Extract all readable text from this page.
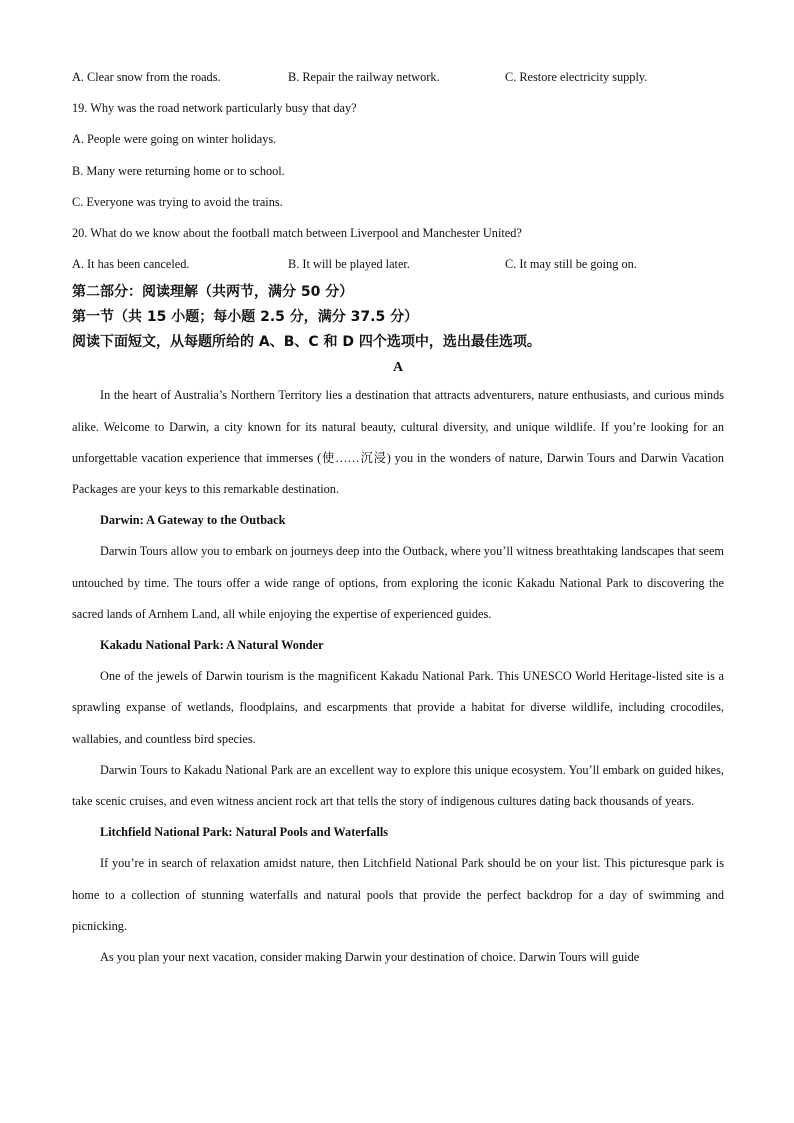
A. Clear snow from the roads.	B. Repair the railway network.	C. Restore electricity supply.
19. Why was the road network particularly busy that day?
A. People were going on winter holidays.
B. Many were returning home or to school.
C. Everyone was trying to avoid the trains.
20. What do we know about the football match between Liverpool and Manchester United?
A. It has been canceled.	B. It will be played later.	C. It may still be going on.
第二部分：阅读理解（共两节，满分 50 分）
第一节（共 15 小题；每小题 2.5 分，满分 37.5 分）
阅读下面短文，从每题所给的 A、B、C 和 D 四个选项中，选出最佳选项。
A
In the heart of Australia’s Northern Territory lies a destination that attracts adventurers, nature enthusiasts, and curious minds alike. Welcome to Darwin, a city known for its natural beauty, cultural diversity, and unique wildlife. If you’re looking for an unforgettable vacation experience that immerses (使……沉浸) you in the wonders of nature, Darwin Tours and Darwin Vacation Packages are your keys to this remarkable destination.
Darwin: A Gateway to the Outback
Darwin Tours allow you to embark on journeys deep into the Outback, where you’ll witness breathtaking landscapes that seem untouched by time. The tours offer a wide range of options, from exploring the iconic Kakadu National Park to discovering the sacred lands of Arnhem Land, all while enjoying the expertise of experienced guides.
Kakadu National Park: A Natural Wonder
One of the jewels of Darwin tourism is the magnificent Kakadu National Park. This UNESCO World Heritage-listed site is a sprawling expanse of wetlands, floodplains, and escarpments that provide a habitat for diverse wildlife, including crocodiles, wallabies, and countless bird species.
Darwin Tours to Kakadu National Park are an excellent way to explore this unique ecosystem. You’ll embark on guided hikes, take scenic cruises, and even witness ancient rock art that tells the story of indigenous cultures dating back thousands of years.
Litchfield National Park: Natural Pools and Waterfalls
If you’re in search of relaxation amidst nature, then Litchfield National Park should be on your list. This picturesque park is home to a collection of stunning waterfalls and natural pools that provide the perfect backdrop for a day of swimming and picnicking.
As you plan your next vacation, consider making Darwin your destination of choice. Darwin Tours will guide
